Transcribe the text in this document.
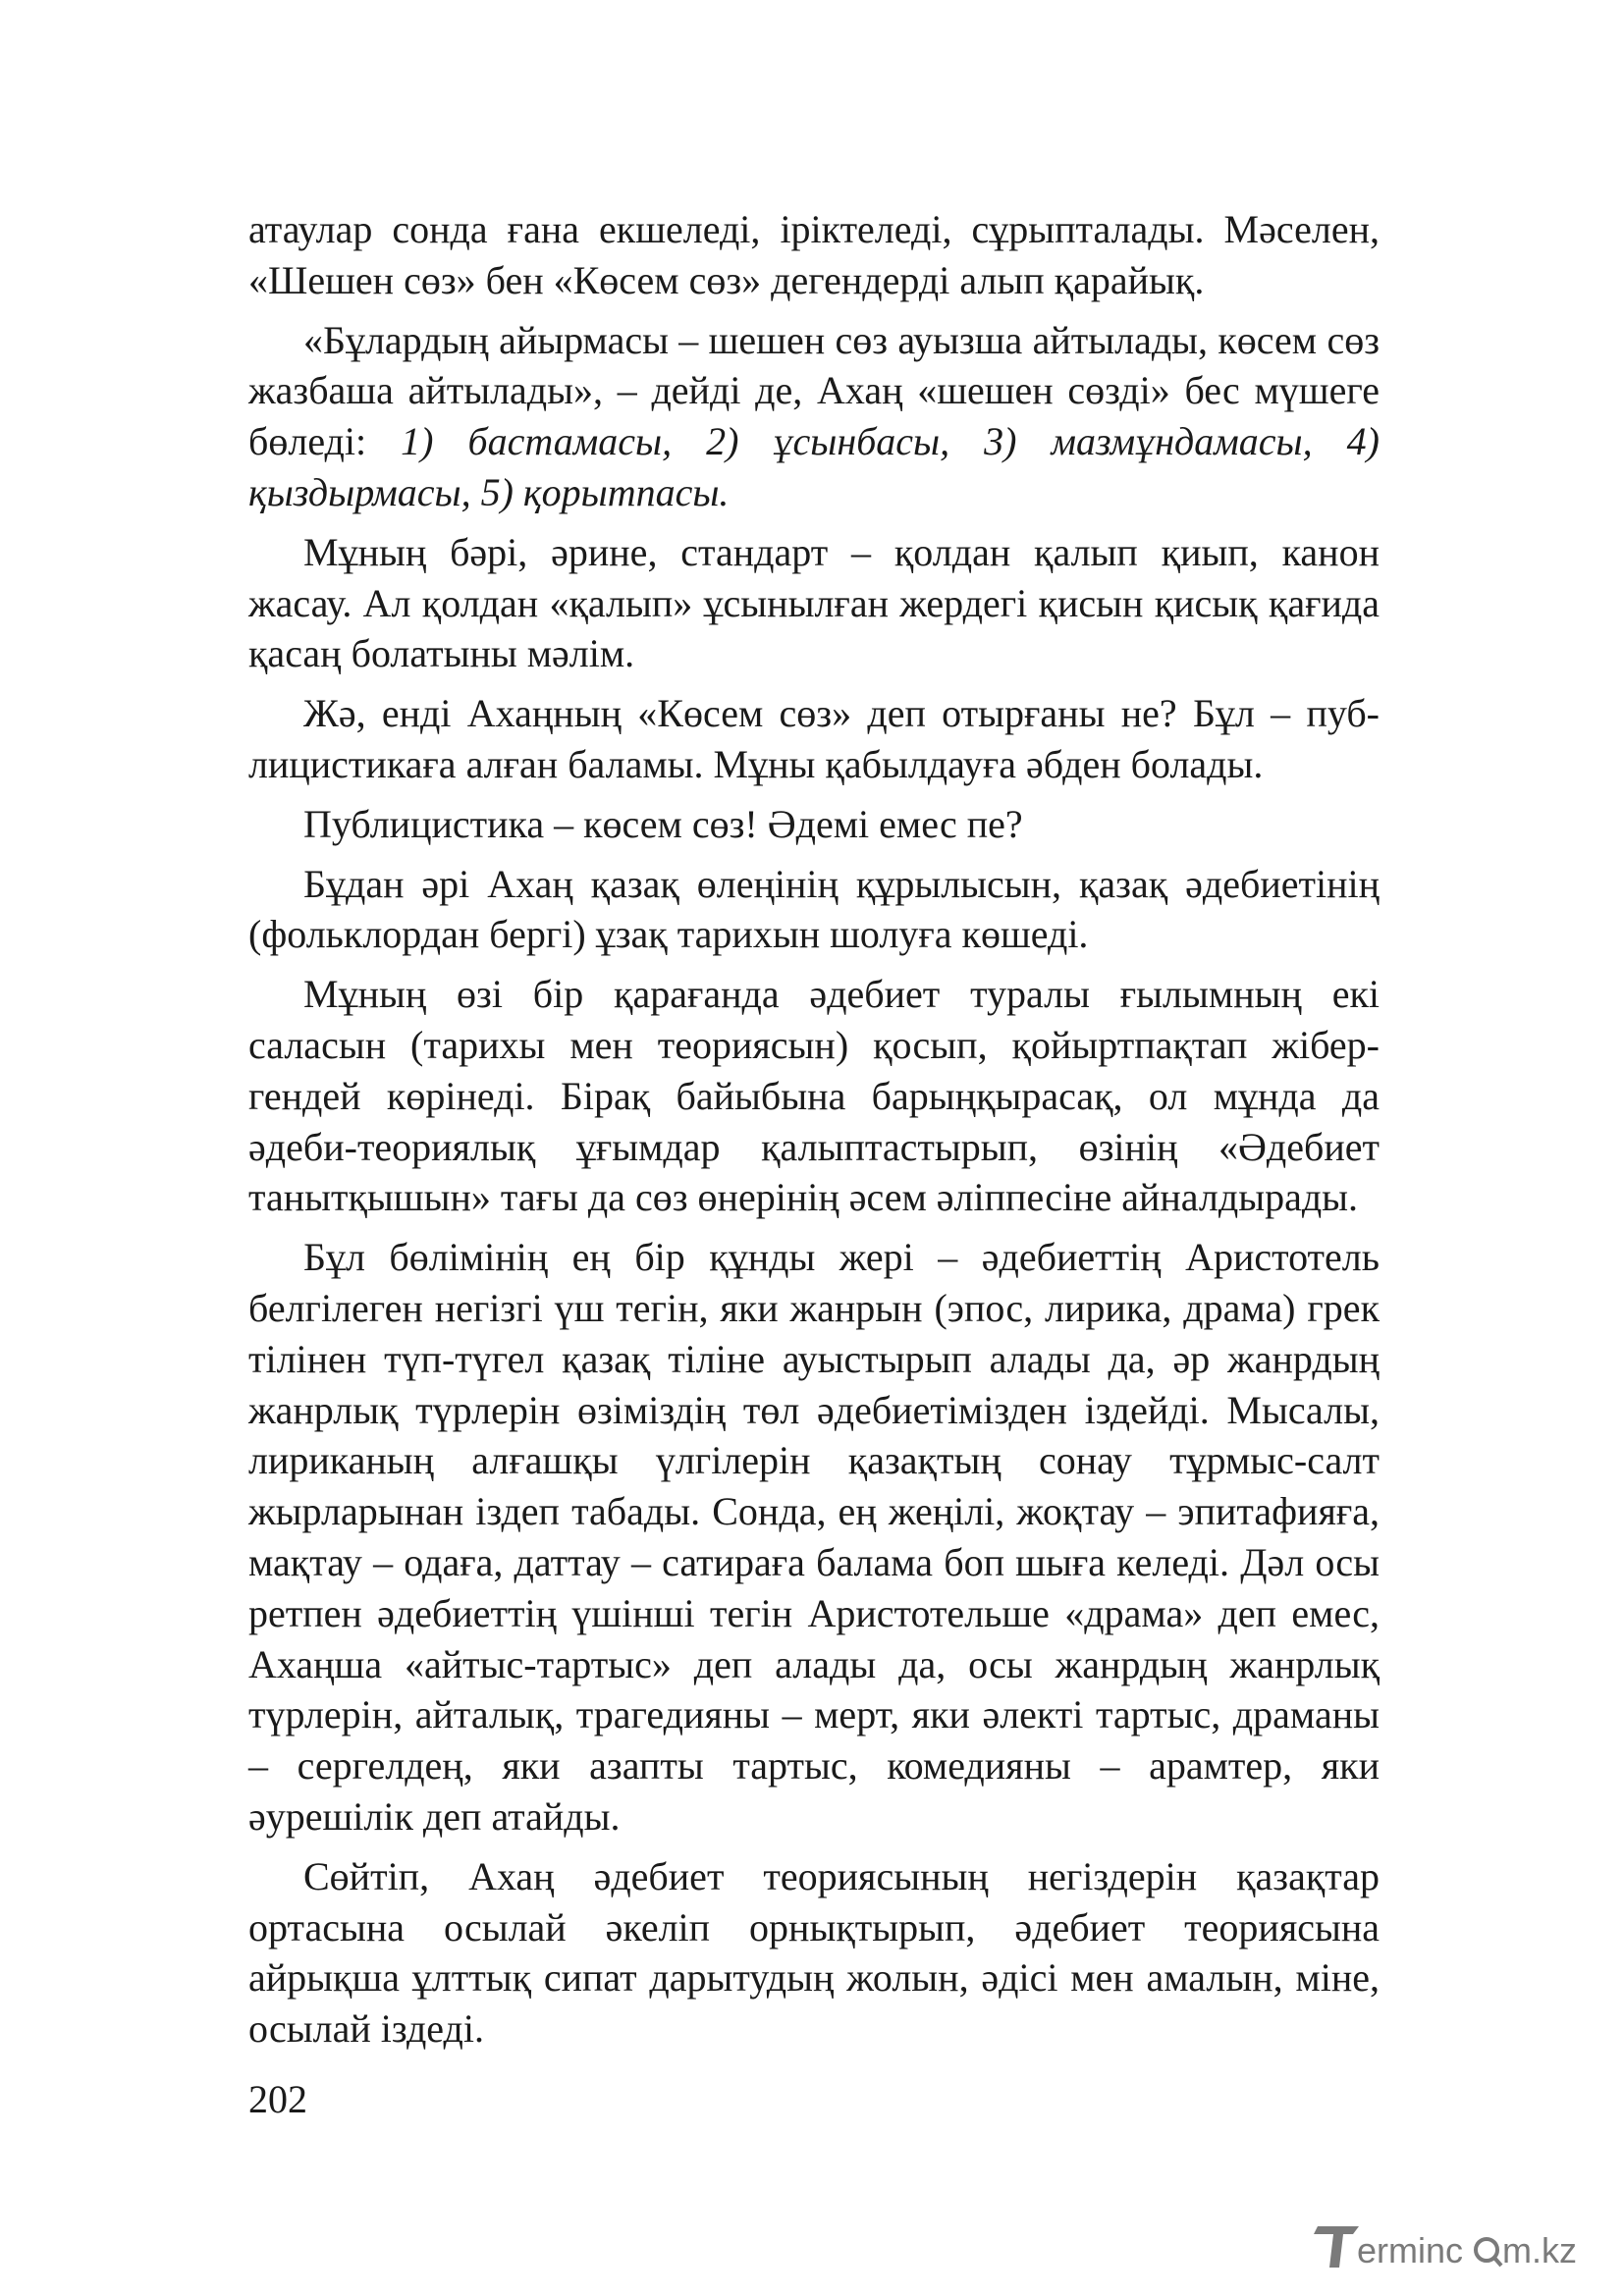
атаулар сонда ғана екшеледі, іріктеледі, сұрыпталады. Мәселен, «Шешен сөз» бен «Көсем сөз» дегендерді алып қарайық.

«Бұлардың айырмасы – шешен сөз ауызша айтылады, көсем сөз жазбаша айтылады», – дейді де, Ахаң «шешен сөзді» бес мүшеге бөледі: 1) бастамасы, 2) ұсынбасы, 3) мазмұндамасы, 4) қыздырмасы, 5) қорытпасы.

Мұның бәрі, әрине, стандарт – қолдан қалып қиып, канон жасау. Ал қолдан «қалып» ұсынылған жердегі қисын қисық қағида қасаң болатыны мәлім.

Жә, енді Ахаңның «Көсем сөз» деп отырғаны не? Бұл – публицистикаға алған баламы. Мұны қабылдауға әбден болады.

Публицистика – көсем сөз! Әдемі емес пе?

Бұдан әрі Ахаң қазақ өлеңінің құрылысын, қазақ әдебиетінің (фольклордан бергі) ұзақ тарихын шолуға көшеді.

Мұның өзі бір қарағанда әдебиет туралы ғылымның екі саласын (тарихы мен теориясын) қосып, қойыртпақтап жібергендей көрінеді. Бірақ байыбына барыңқырасақ, ол мұнда да әдеби-теориялық ұғымдар қалыптастырып, өзінің «Әдебиет танытқышын» тағы да сөз өнерінің әсем әліппесіне айналдырады.

Бұл бөлімінің ең бір құнды жері – әдебиеттің Аристотель белгілеген негізгі үш тегін, яки жанрын (эпос, лирика, драма) грек тілінен түп-түгел қазақ тіліне ауыстырып алады да, әр жанрдың жанрлық түрлерін өзіміздің төл әдебиетімізден іздейді. Мысалы, лириканың алғашқы үлгілерін қазақтың сонау тұрмыс-салт жырларынан іздеп табады. Сонда, ең жеңілі, жоқтау – эпитафияға, мақтау – одаға, даттау – сатираға балама боп шыға келеді. Дәл осы ретпен әдебиеттің үшінші тегін Аристотельше «драма» деп емес, Ахаңша «айтыс-тартыс» деп алады да, осы жанрдың жанрлық түрлерін, айталық, трагедияны – мерт, яки әлекті тартыс, драманы – сергелдең, яки азапты тартыс, комедияны – арамтер, яки әурешілік деп атайды.

Сөйтіп, Ахаң әдебиет теориясының негіздерін қазақтар ортасына осылай әкеліп орнықтырып, әдебиет теориясына айрықша ұлттық сипат дарытудың жолын, әдісі мен амалын, міне, осылай іздеді.

202
erminc m.kz
